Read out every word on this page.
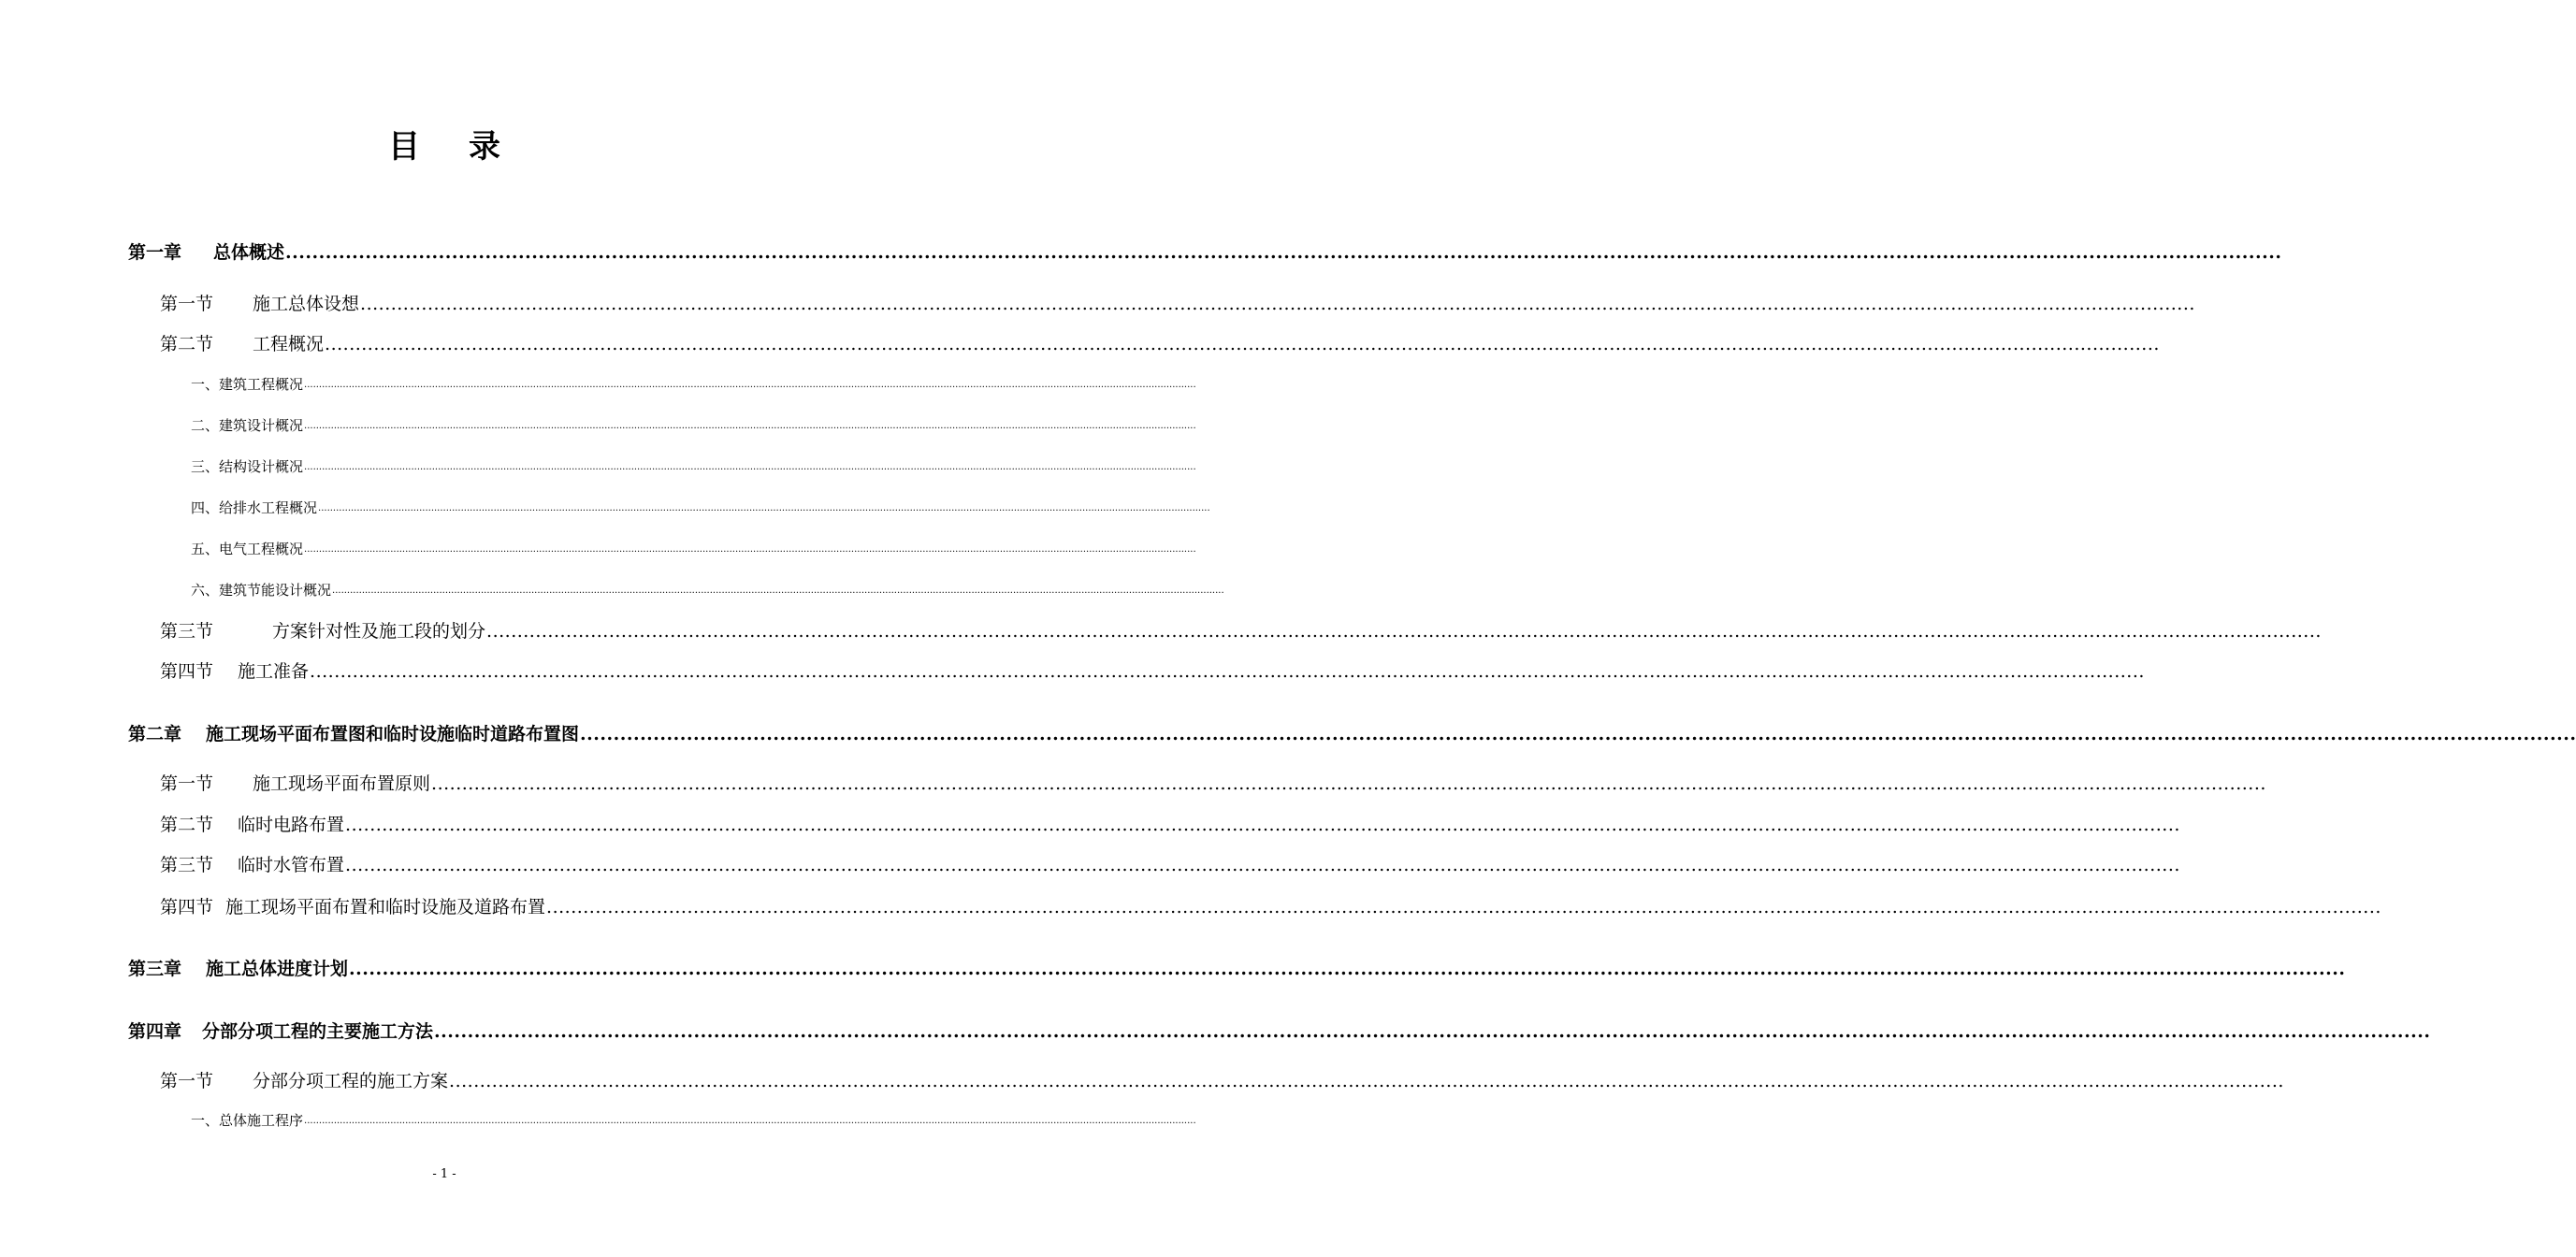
目 录
第一章 总体概述 ............................................................................................................................................................................................................................................................................................................
第一节 施工总体设想 ............................................................................................................................................................................................................................................................................................................
第二节 工程概况 ............................................................................................................................................................................................................................................................................................................
一、 建筑工程概况 ............................................................................................................................................................................................................................................................................................................
二、 建筑设计概况 ............................................................................................................................................................................................................................................................................................................
三、 结构设计概况 ............................................................................................................................................................................................................................................................................................................
四、 给排水工程概况 ............................................................................................................................................................................................................................................................................................................
五、 电气工程概况 ............................................................................................................................................................................................................................................................................................................
六、 建筑节能设计概况 ............................................................................................................................................................................................................................................................................................................
第三节	方案针对性及施工段的划分 ............................................................................................................................................................................................................................................................................................................
第四节 施工准备 ............................................................................................................................................................................................................................................................................................................
第二章 施工现场平面布置图和临时设施临时道路布置图 ............................................................................................................................................................................................................................................................................................................
第一节 施工现场平面布置原则 ............................................................................................................................................................................................................................................................................................................
第二节 临时电路布置 ............................................................................................................................................................................................................................................................................................................
第三节 临时水管布置 ............................................................................................................................................................................................................................................................................................................
第四节 施工现场平面布置和临时设施及道路布置 ............................................................................................................................................................................................................................................................................................................
第三章 施工总体进度计划 ............................................................................................................................................................................................................................................................................................................
第四章 分部分项工程的主要施工方法 ............................................................................................................................................................................................................................................................................................................
第一节 分部分项工程的施工方案 ............................................................................................................................................................................................................................................................................................................
一、 总体施工程序 ............................................................................................................................................................................................................................................................................................................
- 1 -
